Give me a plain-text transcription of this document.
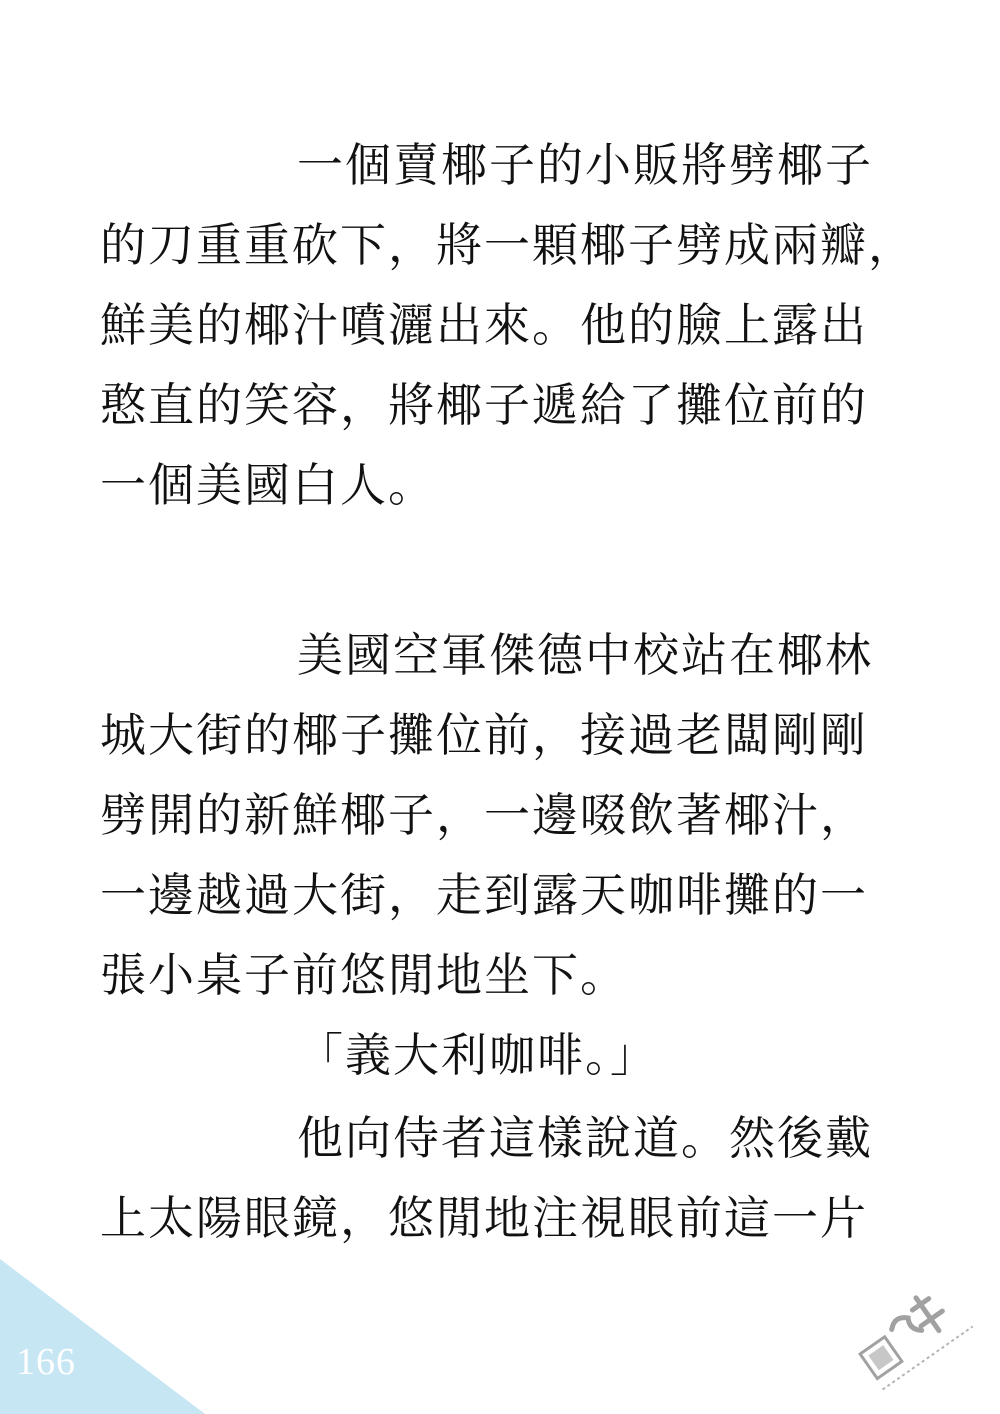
一個賣椰子的小販將劈椰子
的刀重重砍下，將一顆椰子劈成兩瓣，
鮮美的椰汁噴灑出來。他的臉上露出
憨直的笑容，將椰子遞給了攤位前的
一個美國白人。
美國空軍傑德中校站在椰林
城大街的椰子攤位前，接過老闆剛剛
劈開的新鮮椰子，一邊啜飲著椰汁，
一邊越過大街，走到露天咖啡攤的一
張小桌子前悠閒地坐下。
「義大利咖啡。」
他向侍者這樣說道。然後戴
上太陽眼鏡，悠閒地注視眼前這一片
166
